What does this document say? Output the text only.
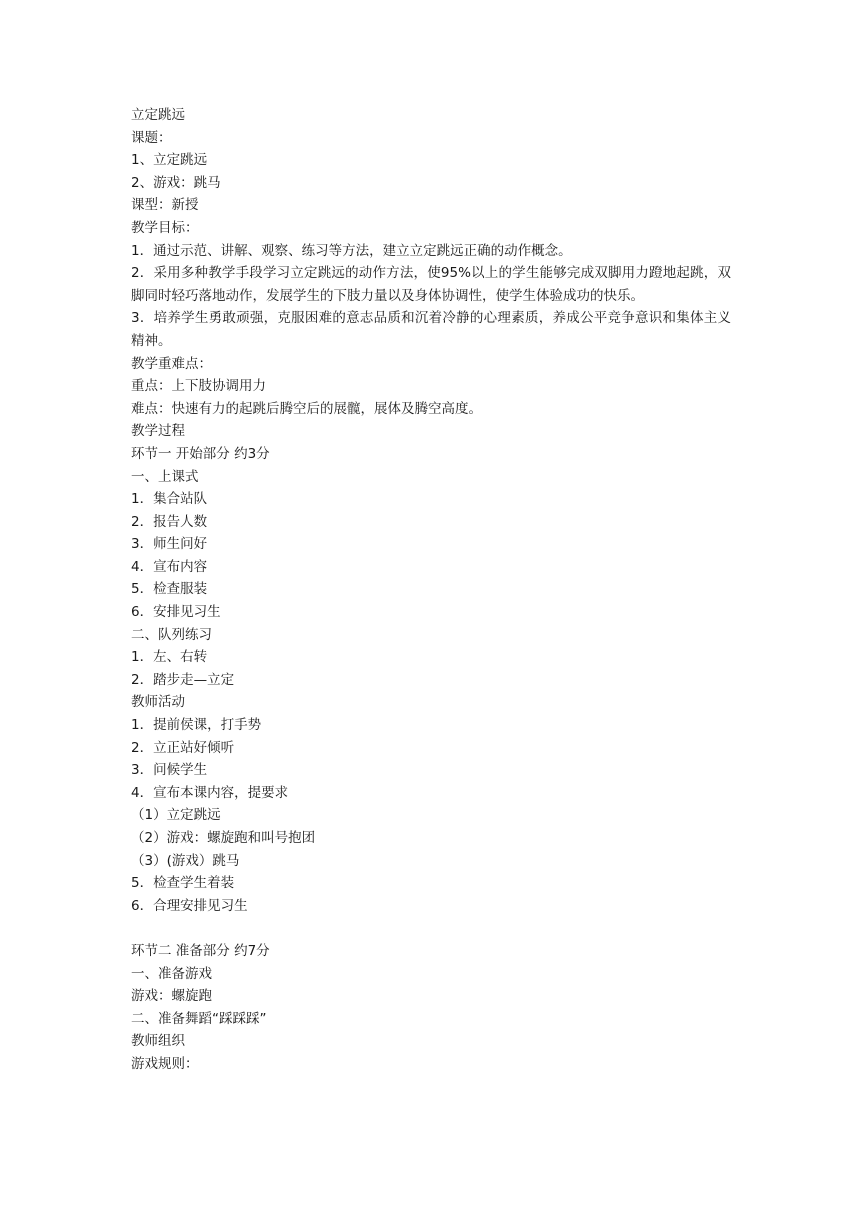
立定跳远
课题：
1、立定跳远
2、游戏：跳马
课型：新授
教学目标：
1．通过示范、讲解、观察、练习等方法，建立立定跳远正确的动作概念。
2．采用多种教学手段学习立定跳远的动作方法，使95%以上的学生能够完成双脚用力蹬地起跳，双脚同时轻巧落地动作，发展学生的下肢力量以及身体协调性，使学生体验成功的快乐。
3．培养学生勇敢顽强，克服困难的意志品质和沉着冷静的心理素质，养成公平竞争意识和集体主义精神。
教学重难点：
重点：上下肢协调用力
难点：快速有力的起跳后腾空后的展髋，展体及腾空高度。
教学过程
环节一 开始部分 约3分
一、上课式
1．集合站队
2．报告人数
3．师生问好
4．宣布内容
5．检查服装
6．安排见习生
二、队列练习
1．左、右转
2．踏步走—立定
教师活动
1．提前侯课，打手势
2．立正站好倾听
3．问候学生
4．宣布本课内容，提要求
（1）立定跳远
（2）游戏：螺旋跑和叫号抱团
（3）(游戏）跳马
5．检查学生着装
6．合理安排见习生
环节二 准备部分 约7分
一、准备游戏
游戏：螺旋跑
二、准备舞蹈“踩踩踩”
教师组织
游戏规则：
